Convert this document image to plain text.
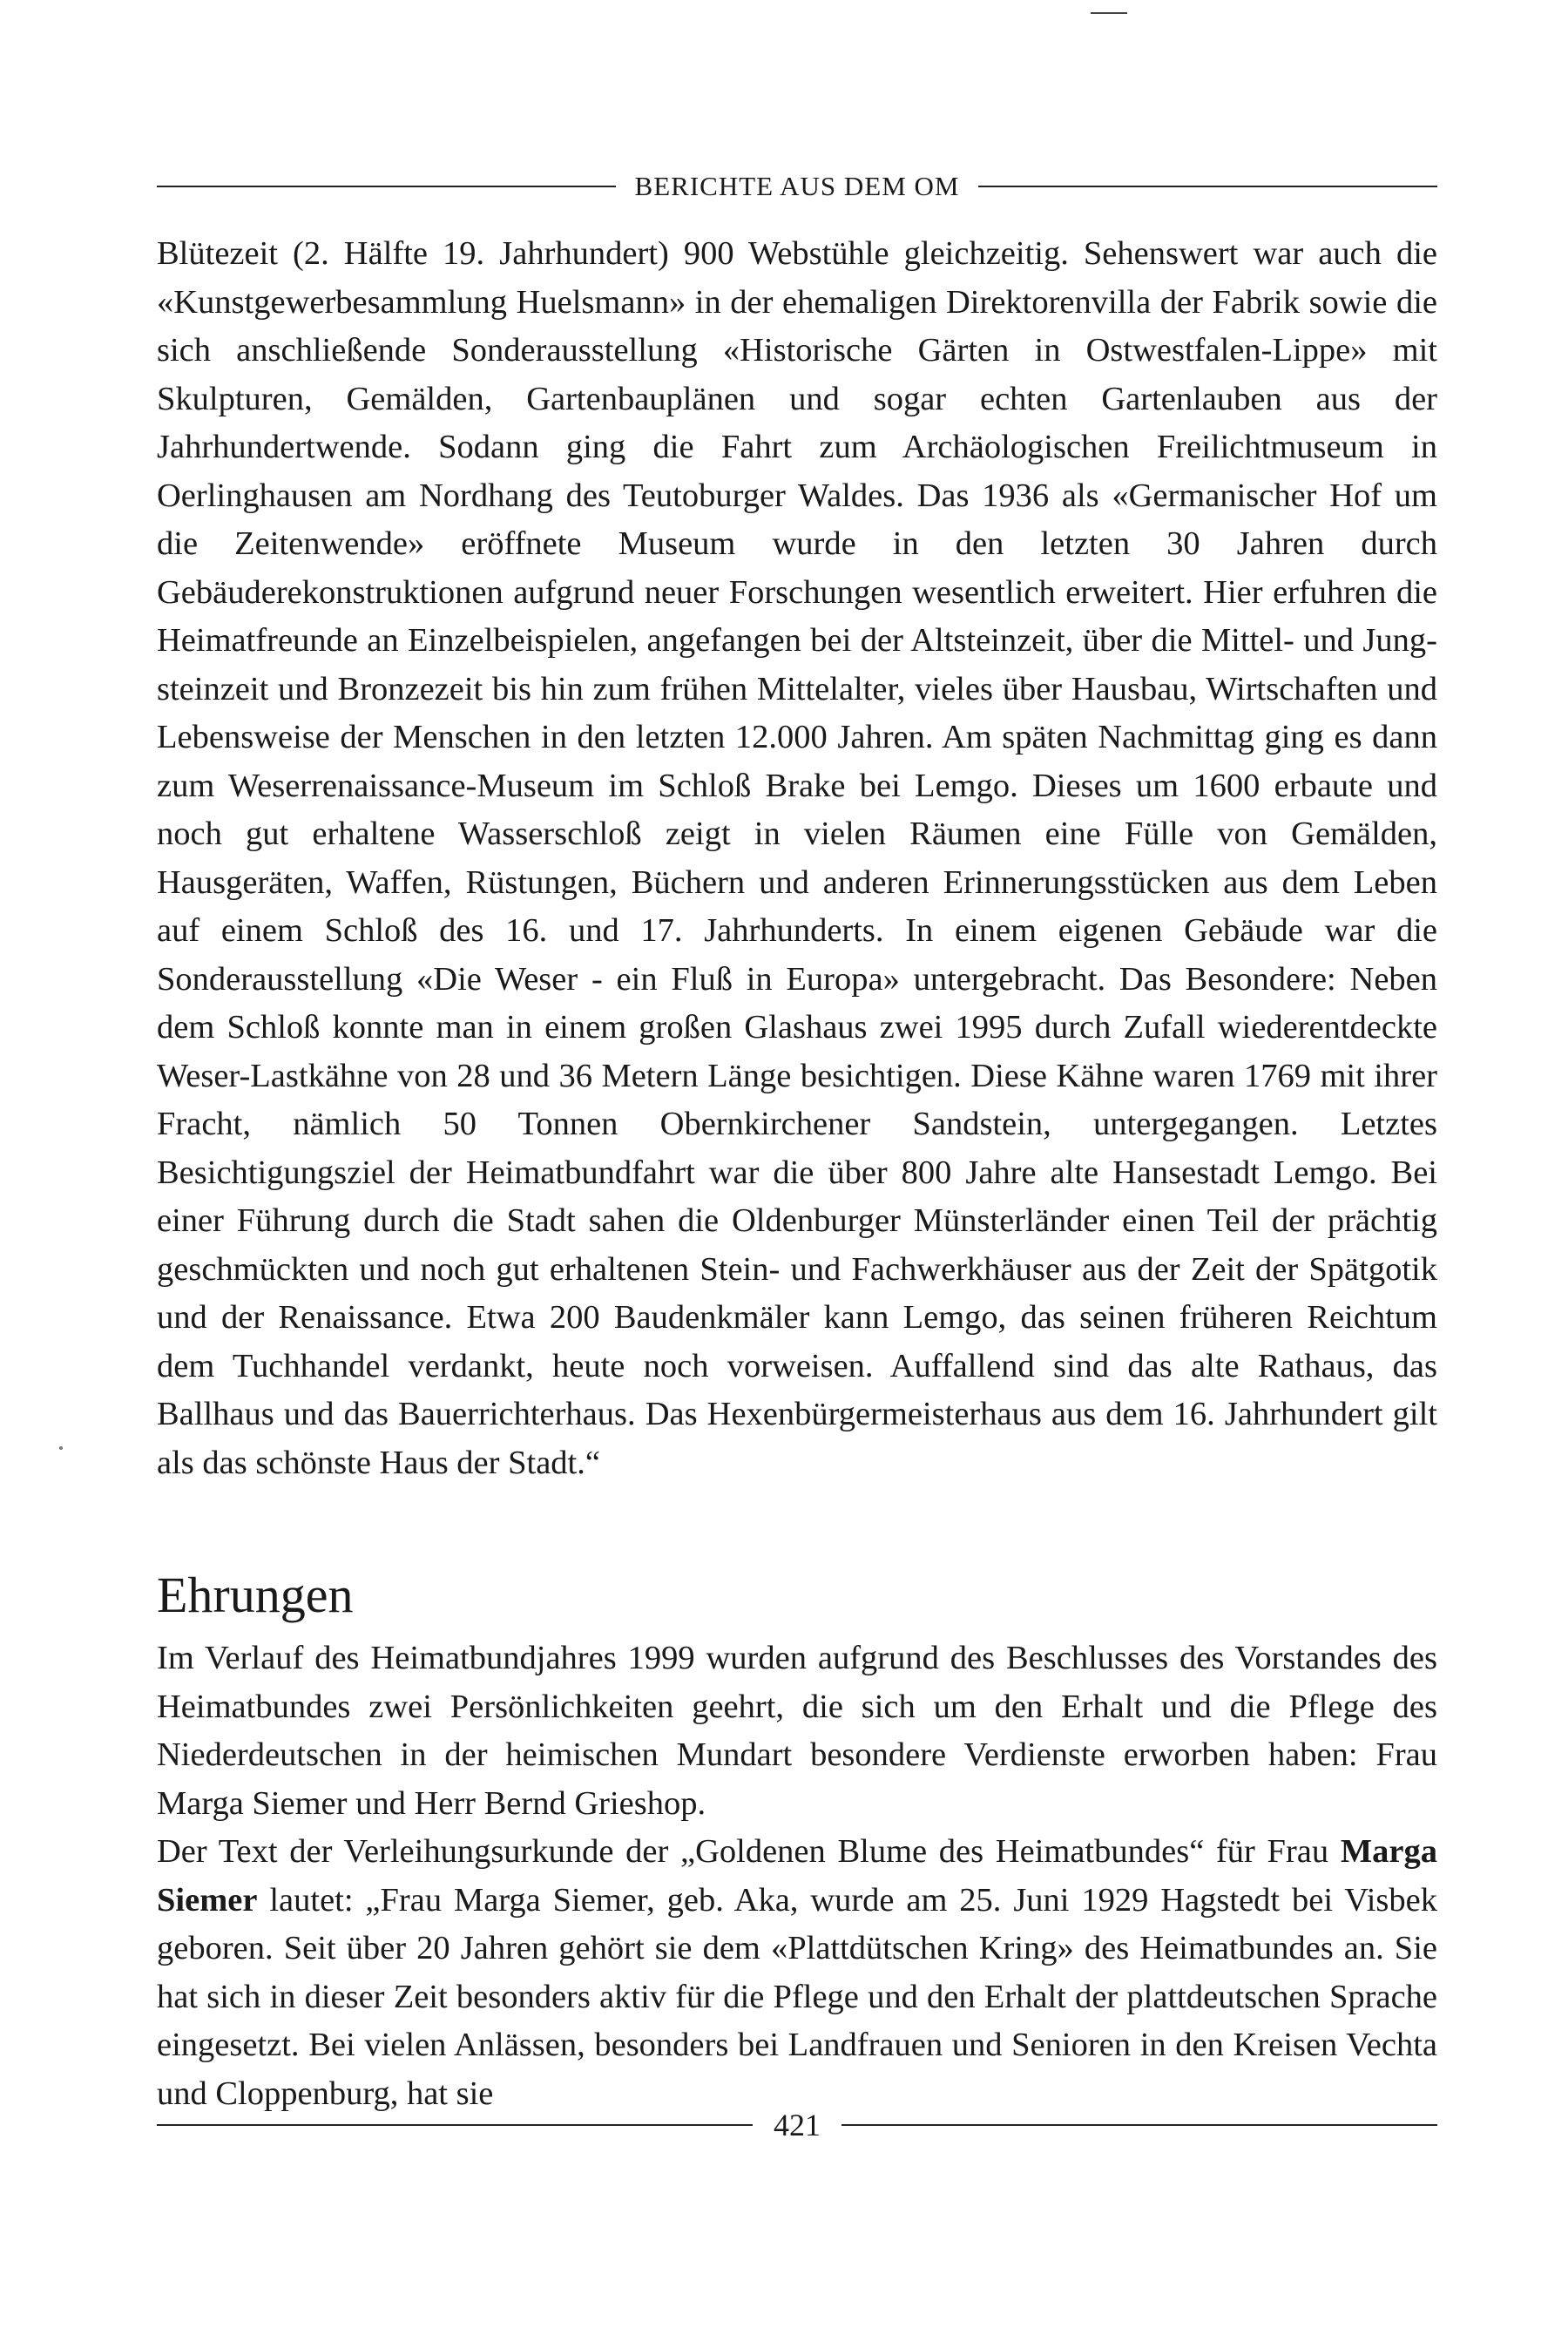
BERICHTE AUS DEM OM

Blütezeit (2. Hälfte 19. Jahrhundert) 900 Webstühle gleichzeitig. Sehenswert war auch die «Kunstgewerbesammlung Huelsmann» in der ehemaligen Direktorenvilla der Fabrik sowie die sich anschließende Sonderausstellung «Historische Gärten in Ostwestfalen-Lippe» mit Skulpturen, Gemälden, Gartenbauplänen und sogar echten Gartenlauben aus der Jahrhundertwende. Sodann ging die Fahrt zum Archäologischen Freilichtmuseum in Oerlinghausen am Nordhang des Teutoburger Waldes. Das 1936 als «Germanischer Hof um die Zeitenwende» eröffnete Museum wurde in den letzten 30 Jahren durch Gebäuderekonstruktionen aufgrund neuer Forschungen wesentlich erweitert. Hier erfuhren die Heimatfreunde an Einzelbeispielen, angefangen bei der Altsteinzeit, über die Mittel- und Jungsteinzeit und Bronzezeit bis hin zum frühen Mittelalter, vieles über Hausbau, Wirtschaften und Lebensweise der Menschen in den letzten 12.000 Jahren. Am späten Nachmittag ging es dann zum Weserrenaissance-Museum im Schloß Brake bei Lemgo. Dieses um 1600 erbaute und noch gut erhaltene Wasserschloß zeigt in vielen Räumen eine Fülle von Gemälden, Hausgeräten, Waffen, Rüstungen, Büchern und anderen Erinnerungsstücken aus dem Leben auf einem Schloß des 16. und 17. Jahrhunderts. In einem eigenen Gebäude war die Sonderausstellung «Die Weser - ein Fluß in Europa» untergebracht. Das Besondere: Neben dem Schloß konnte man in einem großen Glashaus zwei 1995 durch Zufall wiederentdeckte Weser-Lastkähne von 28 und 36 Metern Länge besichtigen. Diese Kähne waren 1769 mit ihrer Fracht, nämlich 50 Tonnen Obernkirchener Sandstein, untergegangen. Letztes Besichtigungsziel der Heimatbundfahrt war die über 800 Jahre alte Hansestadt Lemgo. Bei einer Führung durch die Stadt sahen die Oldenburger Münsterländer einen Teil der prächtig geschmückten und noch gut erhaltenen Stein- und Fachwerkhäuser aus der Zeit der Spätgotik und der Renaissance. Etwa 200 Baudenkmäler kann Lemgo, das seinen früheren Reichtum dem Tuchhandel verdankt, heute noch vorweisen. Auffallend sind das alte Rathaus, das Ballhaus und das Bauerrichterhaus. Das Hexenbürgermeisterhaus aus dem 16. Jahrhundert gilt als das schönste Haus der Stadt.“

Ehrungen

Im Verlauf des Heimatbundjahres 1999 wurden aufgrund des Beschlusses des Vorstandes des Heimatbundes zwei Persönlichkeiten geehrt, die sich um den Erhalt und die Pflege des Niederdeutschen in der heimischen Mundart besondere Verdienste erworben haben: Frau Marga Siemer und Herr Bernd Grieshop.

Der Text der Verleihungsurkunde der „Goldenen Blume des Heimatbundes“ für Frau Marga Siemer lautet: „Frau Marga Siemer, geb. Aka, wurde am 25. Juni 1929 Hagstedt bei Visbek geboren. Seit über 20 Jahren gehört sie dem «Plattdütschen Kring» des Heimatbundes an. Sie hat sich in dieser Zeit besonders aktiv für die Pflege und den Erhalt der plattdeutschen Sprache eingesetzt. Bei vielen Anlässen, besonders bei Landfrauen und Senioren in den Kreisen Vechta und Cloppenburg, hat sie

421
